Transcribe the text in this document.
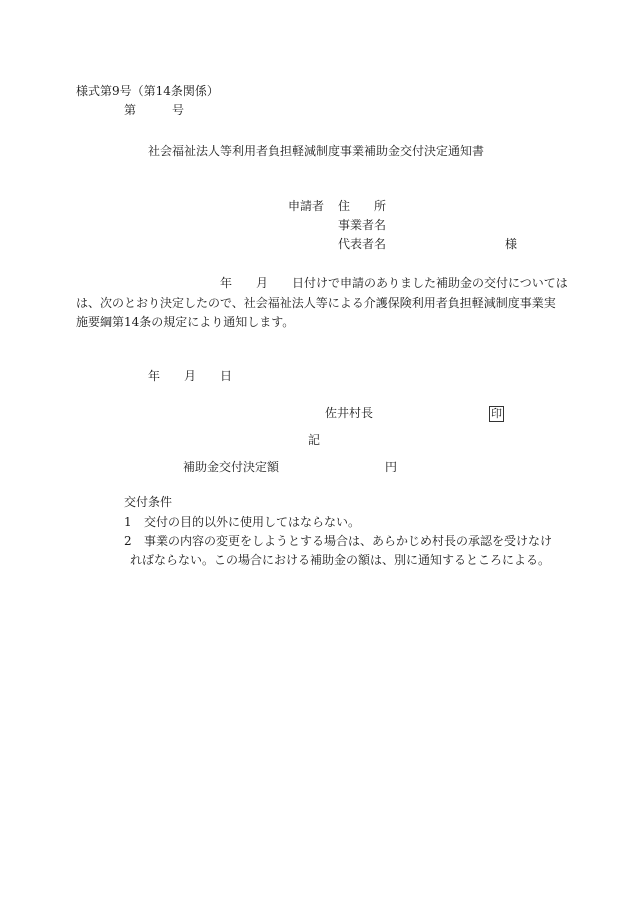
様式第9号（第14条関係）
第	号
社会福祉法人等利用者負担軽減制度事業補助金交付決定通知書
申請者 住　　所
事業者名
代表者名	様
年 月 日付けで申請のありました補助金の交付については
は、次のとおり決定したので、社会福祉法人等による介護保険利用者負担軽減制度事業実
施要綱第14条の規定により通知します。
年 月 日
佐井村長	印
記
補助金交付決定額	円
交付条件
1 交付の目的以外に使用してはならない。
2 事業の内容の変更をしようとする場合は、あらかじめ村長の承認を受けなけ
ればならない。この場合における補助金の額は、別に通知するところによる。
